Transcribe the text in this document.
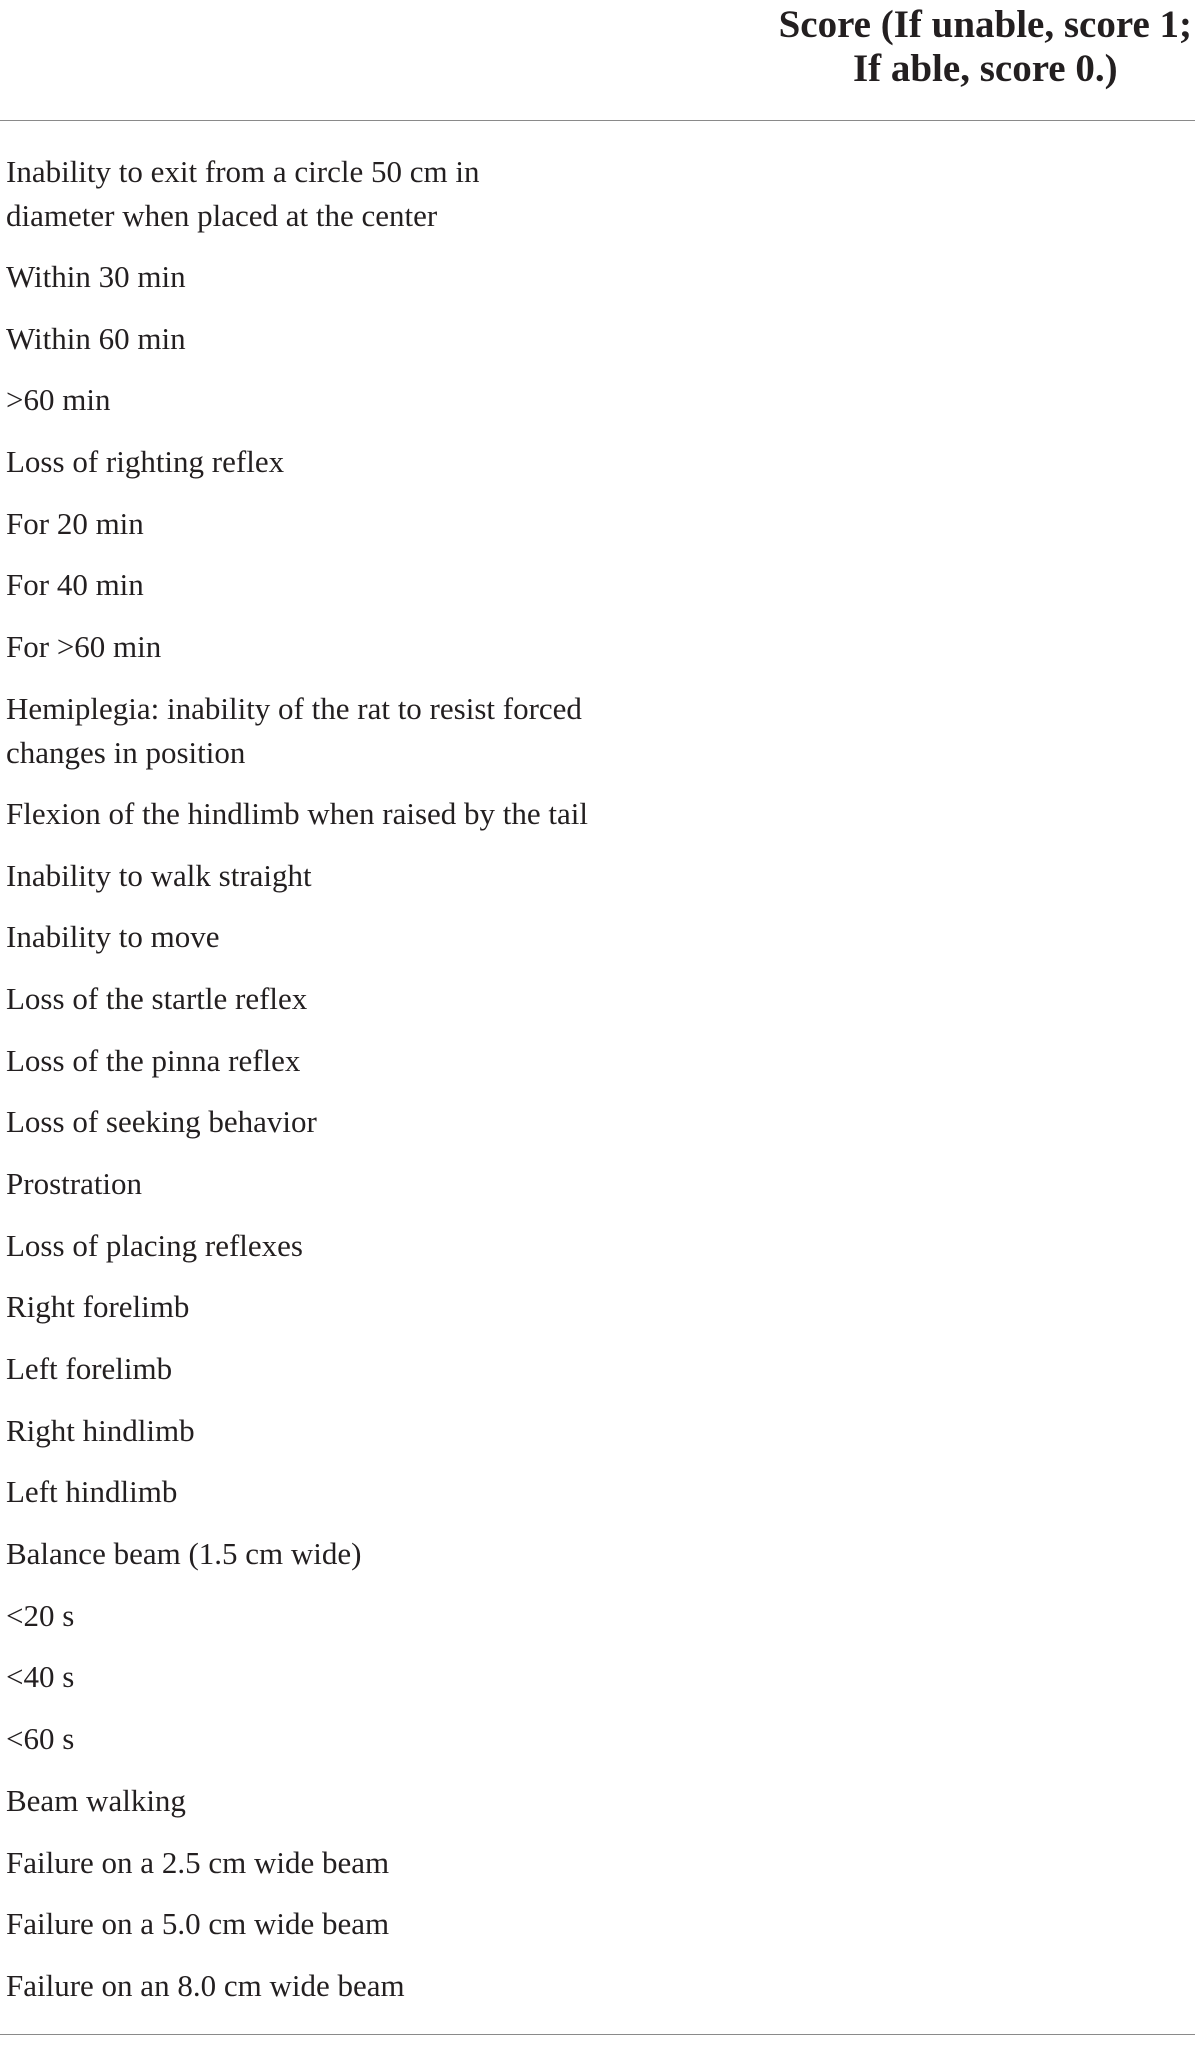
Score (If unable, score 1;
If able, score 0.)
Inability to exit from a circle 50 cm in
diameter when placed at the center
Within 30 min
Within 60 min
>60 min
Loss of righting reflex
For 20 min
For 40 min
For >60 min
Hemiplegia: inability of the rat to resist forced
changes in position
Flexion of the hindlimb when raised by the tail
Inability to walk straight
Inability to move
Loss of the startle reflex
Loss of the pinna reflex
Loss of seeking behavior
Prostration
Loss of placing reflexes
Right forelimb
Left forelimb
Right hindlimb
Left hindlimb
Balance beam (1.5 cm wide)
<20 s
<40 s
<60 s
Beam walking
Failure on a 2.5 cm wide beam
Failure on a 5.0 cm wide beam
Failure on an 8.0 cm wide beam
